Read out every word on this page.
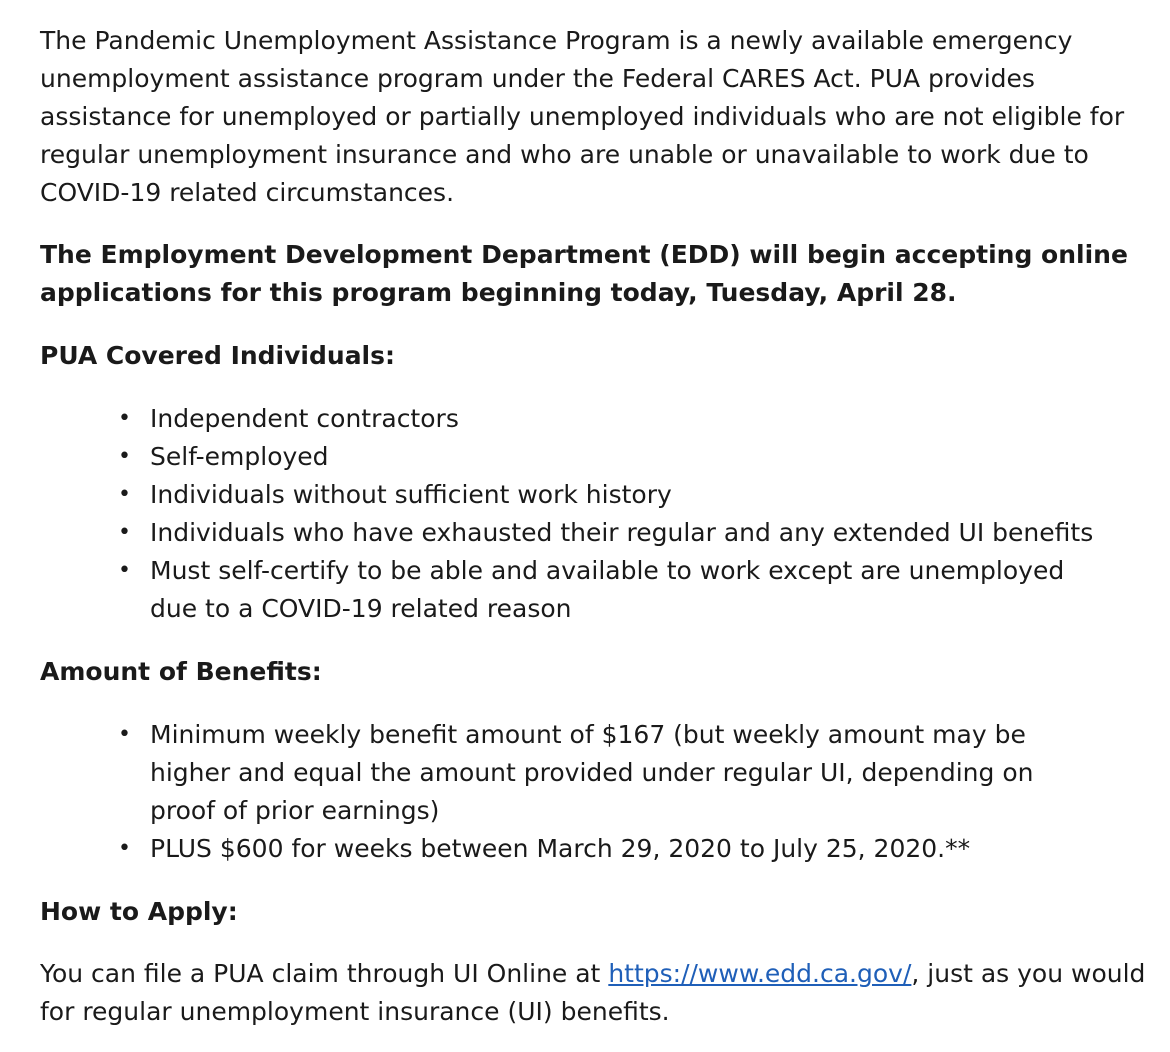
The Pandemic Unemployment Assistance Program is a newly available emergency unemployment assistance program under the Federal CARES Act. PUA provides assistance for unemployed or partially unemployed individuals who are not eligible for regular unemployment insurance and who are unable or unavailable to work due to COVID-19 related circumstances.

The Employment Development Department (EDD) will begin accepting online applications for this program beginning today, Tuesday, April 28.

PUA Covered Individuals:

• Independent contractors
• Self-employed
• Individuals without sufficient work history
• Individuals who have exhausted their regular and any extended UI benefits
• Must self-certify to be able and available to work except are unemployed due to a COVID-19 related reason

Amount of Benefits:

• Minimum weekly benefit amount of $167 (but weekly amount may be higher and equal the amount provided under regular UI, depending on proof of prior earnings)
• PLUS $600 for weeks between March 29, 2020 to July 25, 2020.**

How to Apply:

You can file a PUA claim through UI Online at https://www.edd.ca.gov/, just as you would for regular unemployment insurance (UI) benefits.
